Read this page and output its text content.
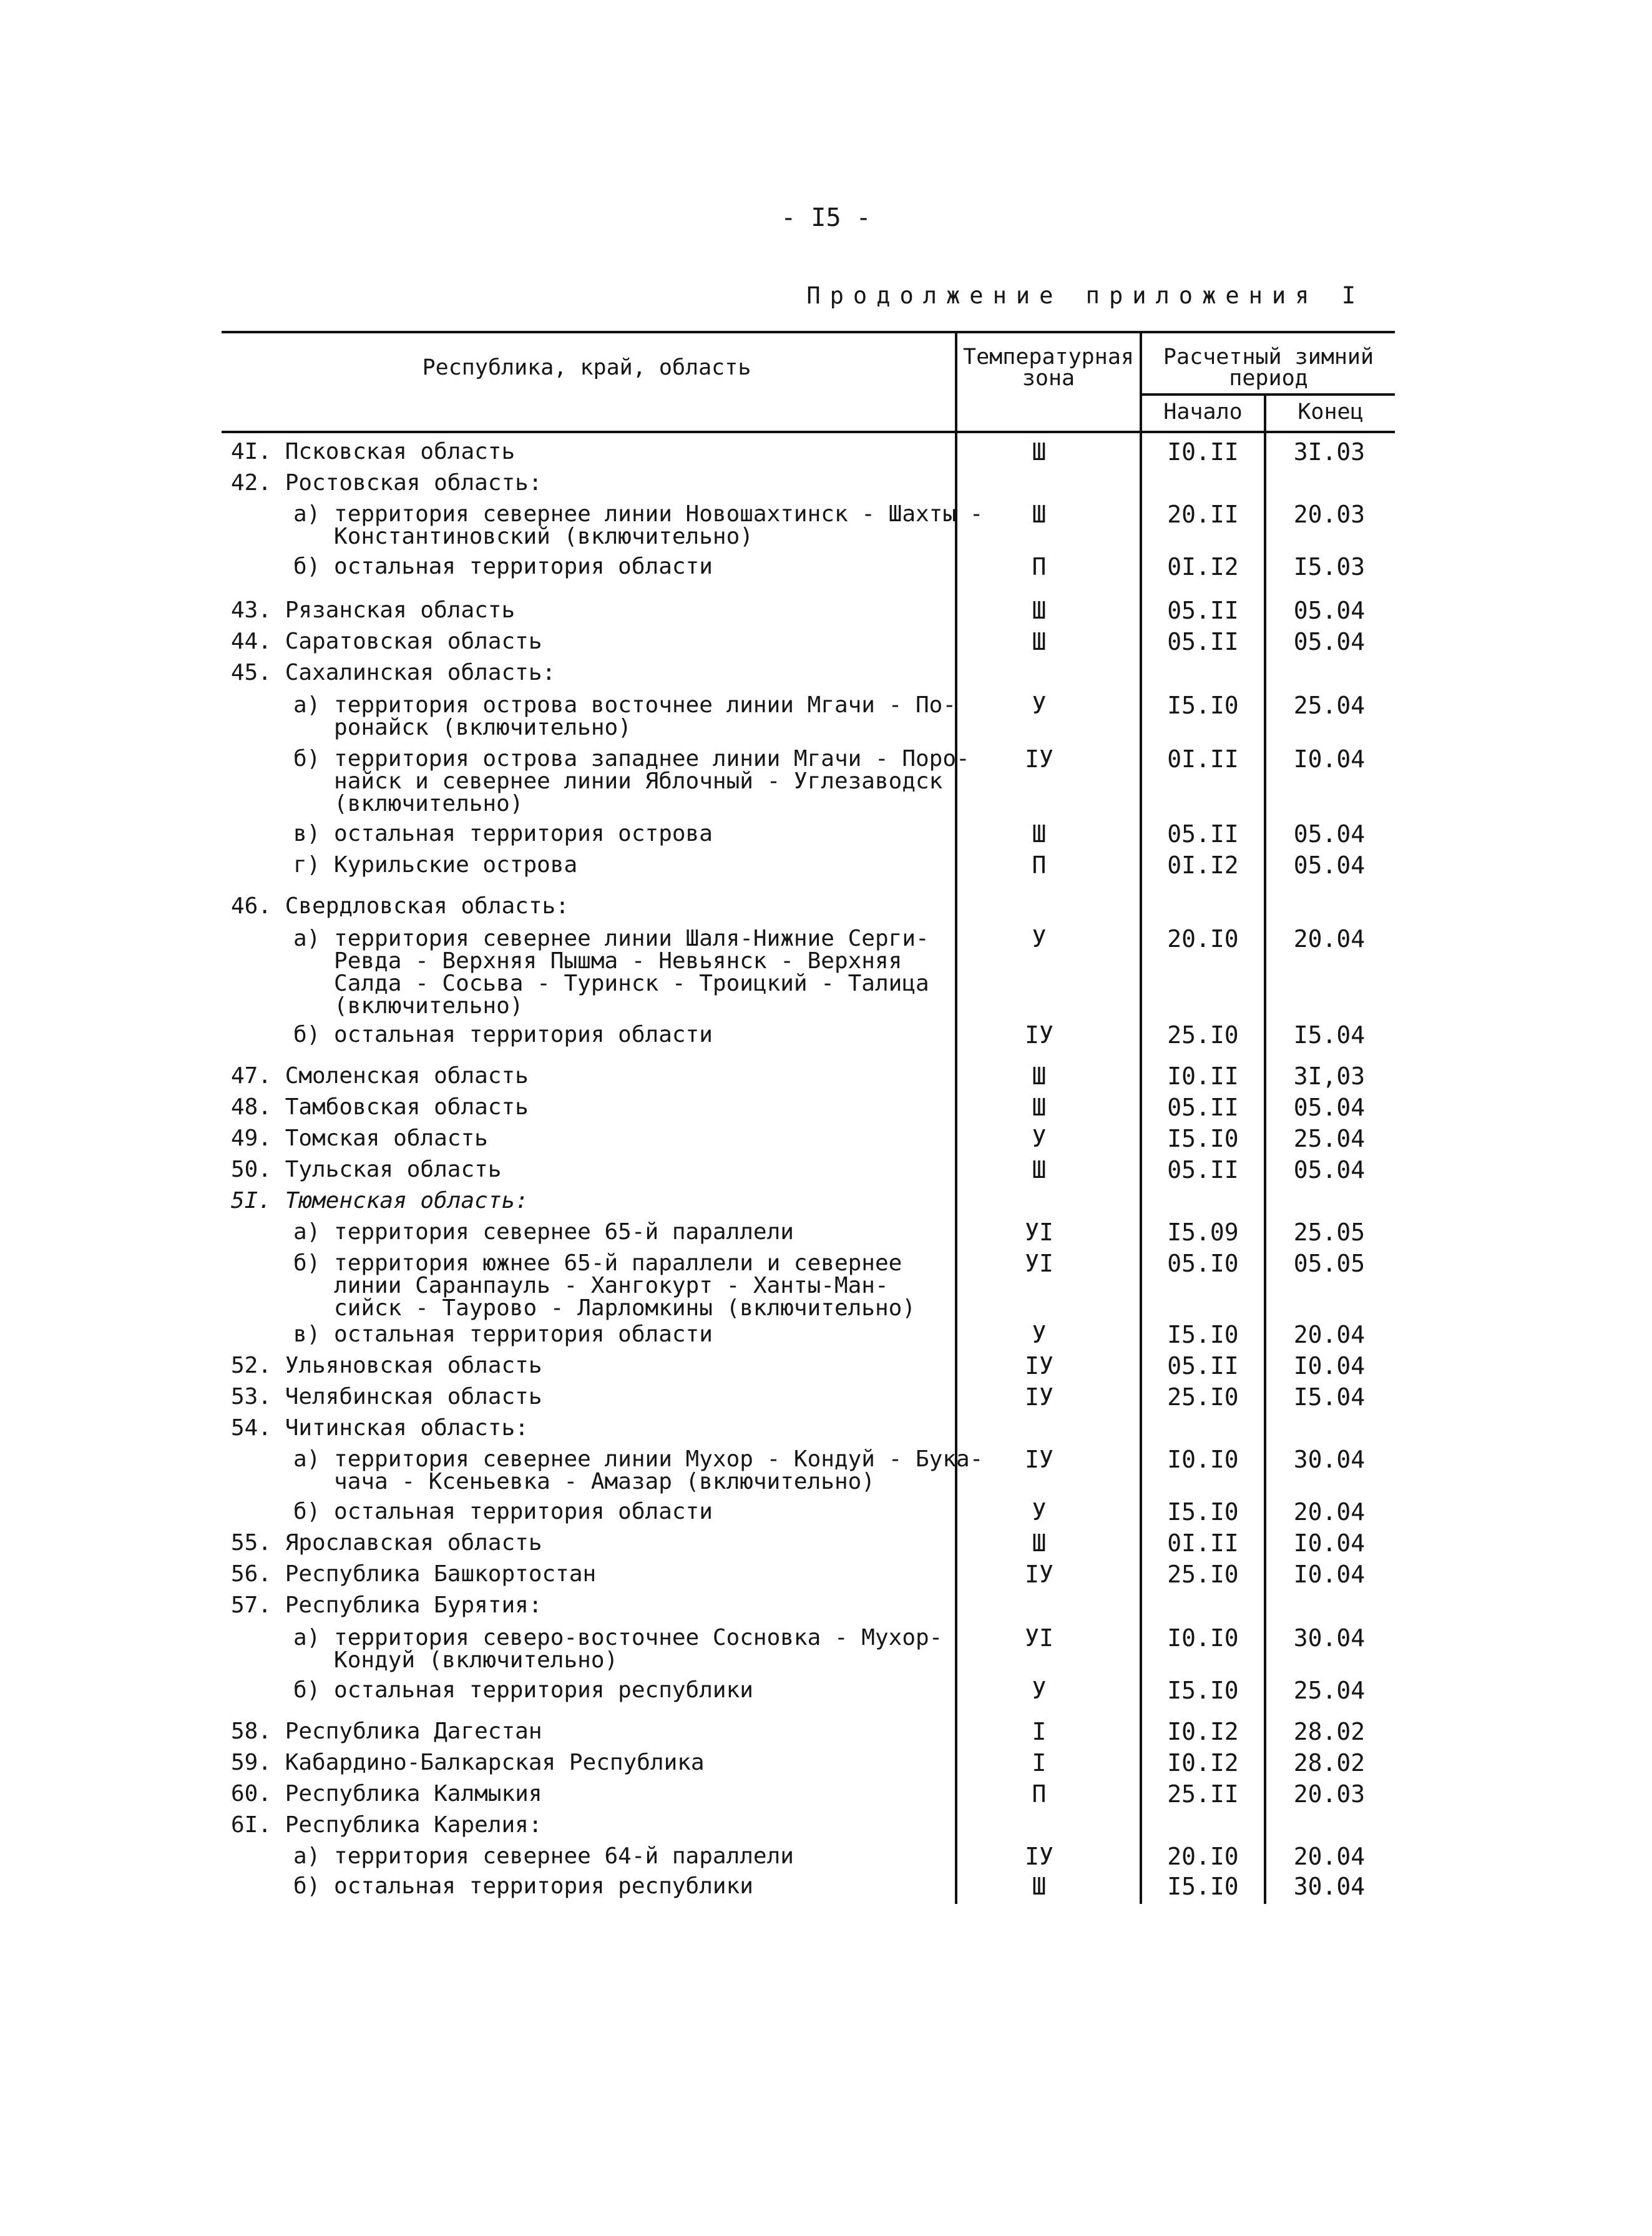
- I5 -
Продолжение приложения I
Республика, край, область	Температурная
зона
Расчетный зимний
период
Начало	Конец
4I. Псковская область	Ш	I0.II	3I.03
42. Ростовская область:
а) территория севернее линии Новошахтинск - Шахты -
Константиновский (включительно)
Ш	20.II	20.03
б) остальная территория области	П	0I.I2	I5.03
43. Рязанская область	Ш	05.II	05.04
44. Саратовская область	Ш	05.II	05.04
45. Сахалинская область:
а) территория острова восточнее линии Мгачи - По-
ронайск (включительно)
У	I5.I0	25.04
б) территория острова западнее линии Мгачи - Поро-
найск и севернее линии Яблочный - Углезаводск
(включительно)
IУ	0I.II	I0.04
в) остальная территория острова	Ш	05.II	05.04
г) Курильские острова	П	0I.I2	05.04
46. Свердловская область:
а) территория севернее линии Шаля-Нижние Серги-
Ревда - Верхняя Пышма - Невьянск - Верхняя
Салда - Сосьва - Туринск - Троицкий - Талица
(включительно)
У	20.I0	20.04
б) остальная территория области	IУ	25.I0	I5.04
47. Смоленская область	Ш	I0.II	3I,03
48. Тамбовская область	Ш	05.II	05.04
49. Томская область	У	I5.I0	25.04
50. Тульская область	Ш	05.II	05.04
5I. Тюменская область:
а) территория севернее 65-й параллели	УI	I5.09	25.05
б) территория южнее 65-й параллели и севернее
линии Саранпауль - Хангокурт - Ханты-Ман-
сийск - Таурово - Ларломкины (включительно)
УI	05.I0	05.05
в) остальная территория области	У	I5.I0	20.04
52. Ульяновская область	IУ	05.II	I0.04
53. Челябинская область	IУ	25.I0	I5.04
54. Читинская область:
а) территория севернее линии Мухор - Кондуй - Бука-
чача - Ксеньевка - Амазар (включительно)
IУ	I0.I0	30.04
б) остальная территория области	У	I5.I0	20.04
55. Ярославская область	Ш	0I.II	I0.04
56. Республика Башкортостан	IУ	25.I0	I0.04
57. Республика Бурятия:
а) территория северо-восточнее Сосновка - Мухор-
Кондуй (включительно)
УI	I0.I0	30.04
б) остальная территория республики	У	I5.I0	25.04
58. Республика Дагестан	I	I0.I2	28.02
59. Кабардино-Балкарская Республика	I	I0.I2	28.02
60. Республика Калмыкия	П	25.II	20.03
6I. Республика Карелия:
а) территория севернее 64-й параллели	IУ	20.I0	20.04
б) остальная территория республики	Ш	I5.I0	30.04
